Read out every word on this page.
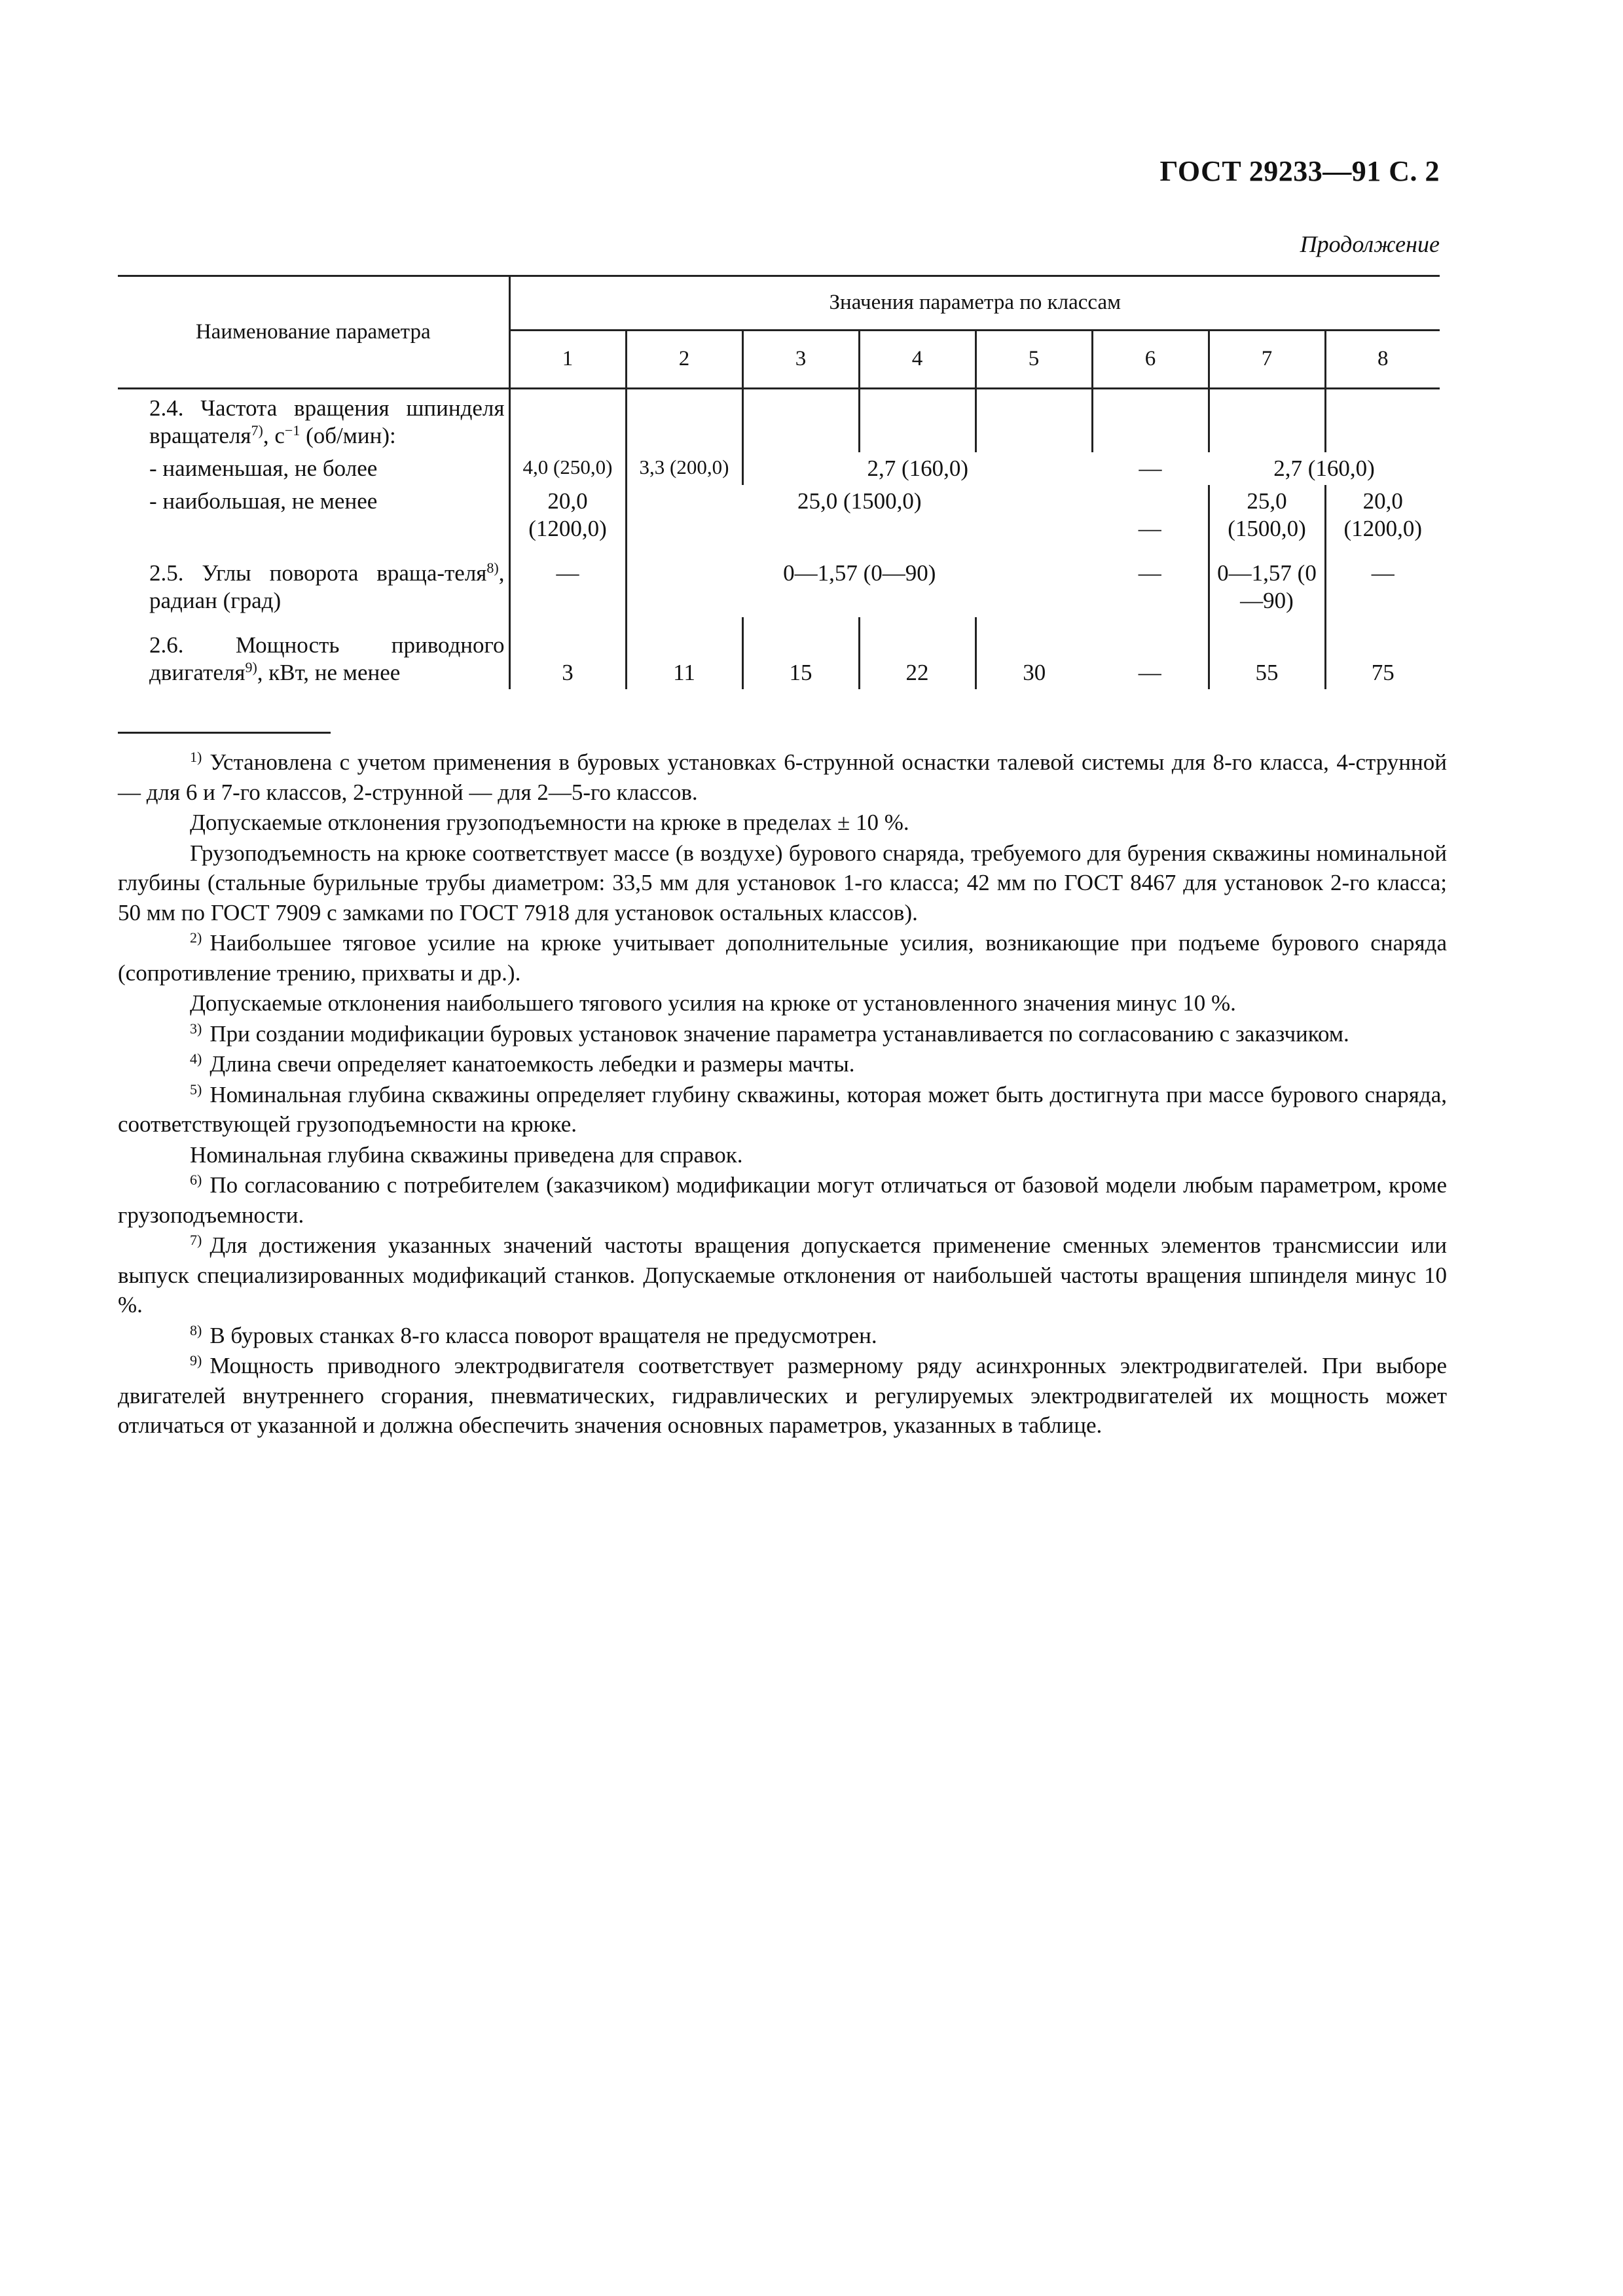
ГОСТ 29233—91 С. 2
Продолжение
Наименование параметра	Значения параметра по классам							
	1	2	3	4	5	6	7	8

2.4. Частота вращения шпинделя вращателя$^{7)}$, $с^{-1}$ (об/мин):								

- наименьшая, не более	4,0 (250,0)	3,3 (200,0)	2,7 (160,0)			—	2,7 (160,0)	

- наибольшая, не менее	20,0 (1200,0)	25,0 (1500,0)				—	25,0 (1500,0)	20,0 (1200,0)

2.5. Углы поворота враща-теля$^{8)}$, радиан (град)	—	0—1,57 (0—90)				—	0—1,57 (0—90)	—

2.6. Мощность приводного двигателя$^{9)}$, кВт, не менее	3	11	15	22	30	—	55	75

$^{1)}$ Установлена с учетом применения в буровых установках 6-струнной оснастки талевой системы для 8-го класса, 4-струнной — для 6 и 7-го классов, 2-струнной — для 2—5-го классов.

Допускаемые отклонения грузоподъемности на крюке в пределах ± 10 %.

Грузоподъемность на крюке соответствует массе (в воздухе) бурового снаряда, требуемого для бурения скважины номинальной глубины (стальные бурильные трубы диаметром: 33,5 мм для установок 1-го класса; 42 мм по ГОСТ 8467 для установок 2-го класса; 50 мм по ГОСТ 7909 с замками по ГОСТ 7918 для установок остальных классов).

$^{2)}$ Наибольшее тяговое усилие на крюке учитывает дополнительные усилия, возникающие при подъеме бурового снаряда (сопротивление трению, прихваты и др.).

Допускаемые отклонения наибольшего тягового усилия на крюке от установленного значения минус 10 %.

$^{3)}$ При создании модификации буровых установок значение параметра устанавливается по согласованию с заказчиком.

$^{4)}$ Длина свечи определяет канатоемкость лебедки и размеры мачты.

$^{5)}$ Номинальная глубина скважины определяет глубину скважины, которая может быть достигнута при массе бурового снаряда, соответствующей грузоподъемности на крюке.

Номинальная глубина скважины приведена для справок.

$^{6)}$ По согласованию с потребителем (заказчиком) модификации могут отличаться от базовой модели любым параметром, кроме грузоподъемности.

$^{7)}$ Для достижения указанных значений частоты вращения допускается применение сменных элементов трансмиссии или выпуск специализированных модификаций станков. Допускаемые отклонения от наибольшей частоты вращения шпинделя минус 10 %.

$^{8)}$ В буровых станках 8-го класса поворот вращателя не предусмотрен.

$^{9)}$ Мощность приводного электродвигателя соответствует размерному ряду асинхронных электродвигателей. При выборе двигателей внутреннего сгорания, пневматических, гидравлических и регулируемых электродвигателей их мощность может отличаться от указанной и должна обеспечить значения основных параметров, указанных в таблице.
